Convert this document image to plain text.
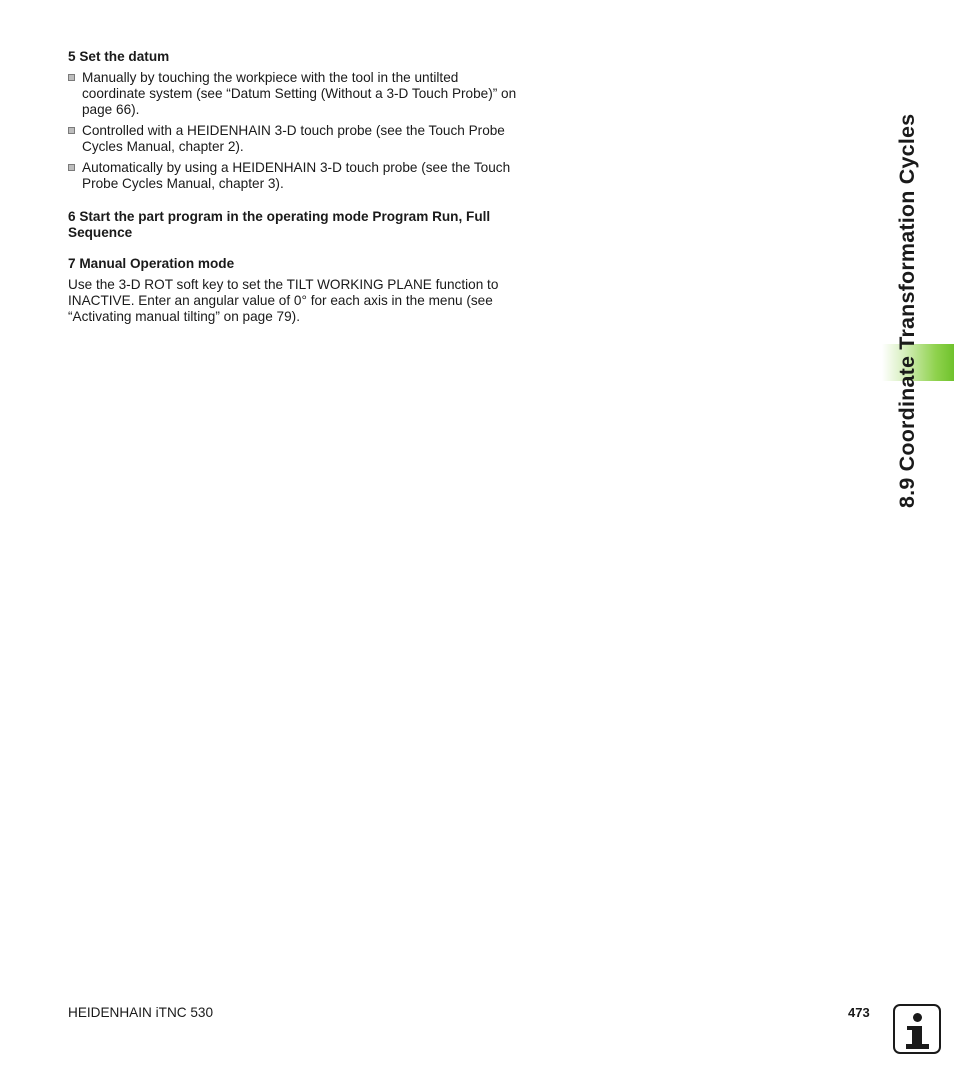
5 Set the datum
Manually by touching the workpiece with the tool in the untilted coordinate system (see “Datum Setting (Without a 3-D Touch Probe)” on page 66).
Controlled with a HEIDENHAIN 3-D touch probe (see the Touch Probe Cycles Manual, chapter 2).
Automatically by using a HEIDENHAIN 3-D touch probe (see the Touch Probe Cycles Manual, chapter 3).
6 Start the part program in the operating mode Program Run, Full Sequence
7 Manual Operation mode

Use the 3-D ROT soft key to set the TILT WORKING PLANE function to INACTIVE. Enter an angular value of 0° for each axis in the menu (see “Activating manual tilting” on page 79).	8.9 Coordinate Transformation Cycles
HEIDENHAIN iTNC 530	473
